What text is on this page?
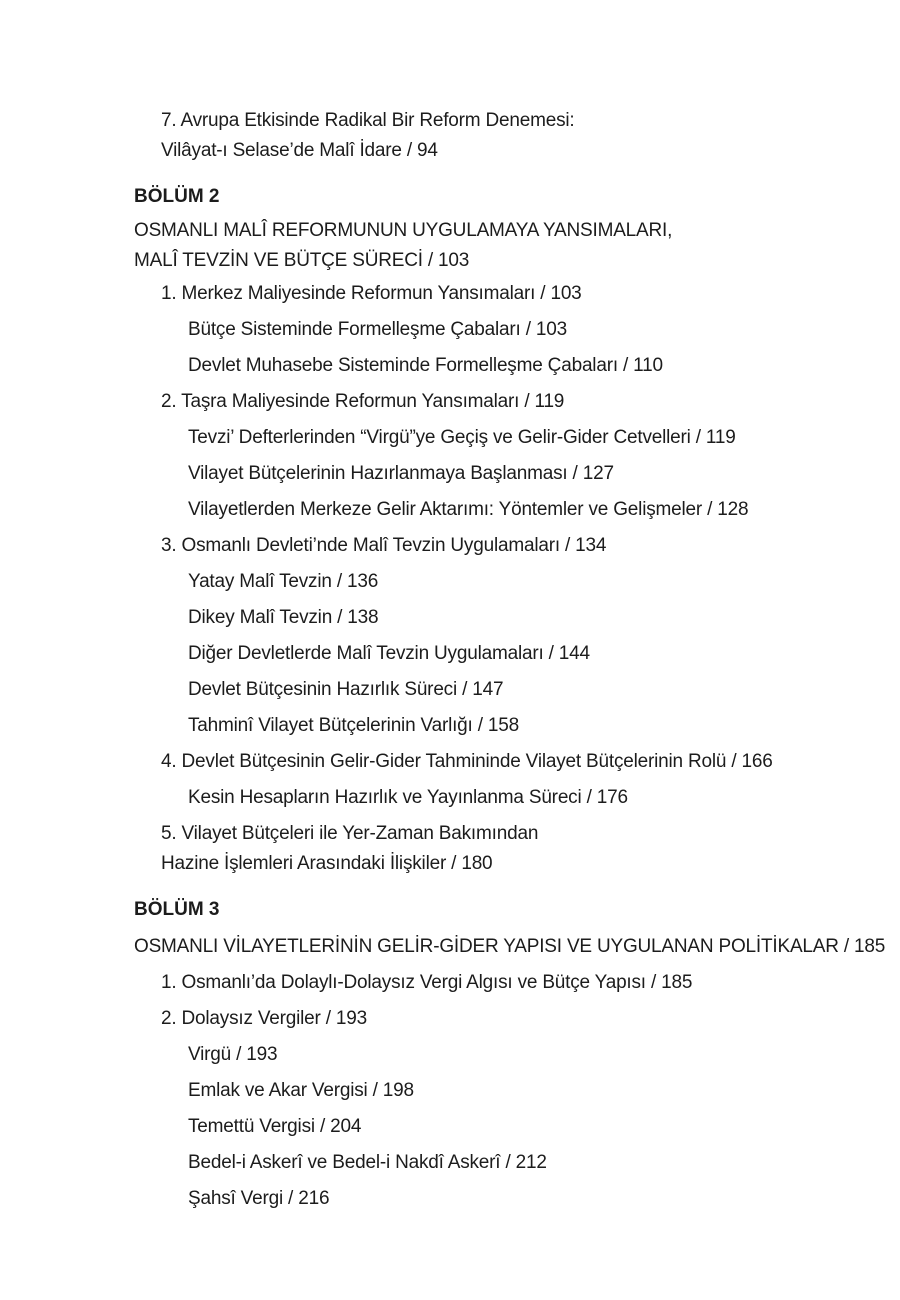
7. Avrupa Etkisinde Radikal Bir Reform Denemesi:
Vilâyat-ı Selase’de Malî İdare / 94
BÖLÜM 2
OSMANLI MALÎ REFORMUNUN UYGULAMAYA YANSIMALARI,
MALÎ TEVZİN VE BÜTÇE SÜRECİ / 103
1. Merkez Maliyesinde Reformun Yansımaları / 103
Bütçe Sisteminde Formelleşme Çabaları / 103
Devlet Muhasebe Sisteminde Formelleşme Çabaları / 110
2. Taşra Maliyesinde Reformun Yansımaları / 119
Tevzi’ Defterlerinden “Virgü”ye Geçiş ve Gelir-Gider Cetvelleri / 119
Vilayet Bütçelerinin Hazırlanmaya Başlanması / 127
Vilayetlerden Merkeze Gelir Aktarımı: Yöntemler ve Gelişmeler / 128
3. Osmanlı Devleti’nde Malî Tevzin Uygulamaları / 134
Yatay Malî Tevzin / 136
Dikey Malî Tevzin / 138
Diğer Devletlerde Malî Tevzin Uygulamaları / 144
Devlet Bütçesinin Hazırlık Süreci / 147
Tahminî Vilayet Bütçelerinin Varlığı / 158
4. Devlet Bütçesinin Gelir-Gider Tahmininde Vilayet Bütçelerinin Rolü / 166
Kesin Hesapların Hazırlık ve Yayınlanma Süreci / 176
5. Vilayet Bütçeleri ile Yer-Zaman Bakımından
Hazine İşlemleri Arasındaki İlişkiler / 180
BÖLÜM 3
OSMANLI VİLAYETLERİNİN GELİR-GİDER YAPISI VE UYGULANAN POLİTİKALAR / 185
1. Osmanlı’da Dolaylı-Dolaysız Vergi Algısı ve Bütçe Yapısı / 185
2. Dolaysız Vergiler / 193
Virgü / 193
Emlak ve Akar Vergisi / 198
Temettü Vergisi / 204
Bedel-i Askerî ve Bedel-i Nakdî Askerî / 212
Şahsî Vergi / 216
